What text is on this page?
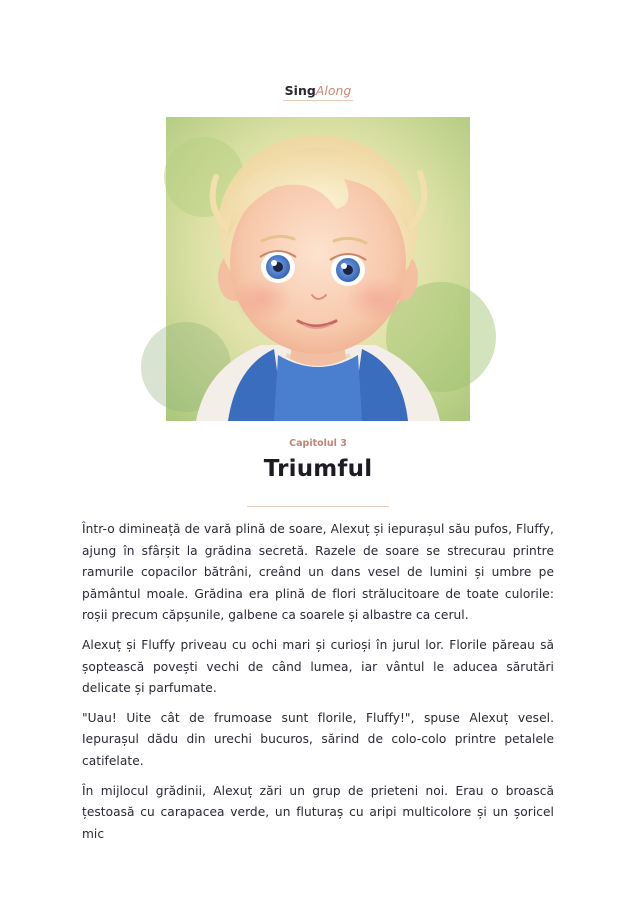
SingAlong
Capitolul 3
Triumful

Într-o dimineață de vară plină de soare, Alexuț și iepurașul său pufos, Fluffy, ajung în sfârșit la grădina secretă. Razele de soare se strecurau printre ramurile copacilor bătrâni, creând un dans vesel de lumini și umbre pe pământul moale. Grădina era plină de flori strălucitoare de toate culorile: roșii precum căpșunile, galbene ca soarele și albastre ca cerul.

Alexuț și Fluffy priveau cu ochi mari și curioși în jurul lor. Florile păreau să șoptească povești vechi de când lumea, iar vântul le aducea sărutări delicate și parfumate.

"Uau! Uite cât de frumoase sunt florile, Fluffy!", spuse Alexuț vesel. Iepurașul dădu din urechi bucuros, sărind de colo-colo printre petalele catifelate.

În mijlocul grădinii, Alexuț zări un grup de prieteni noi. Erau o broască țestoasă cu carapacea verde, un fluturaș cu aripi multicolore și un șoricel mic
